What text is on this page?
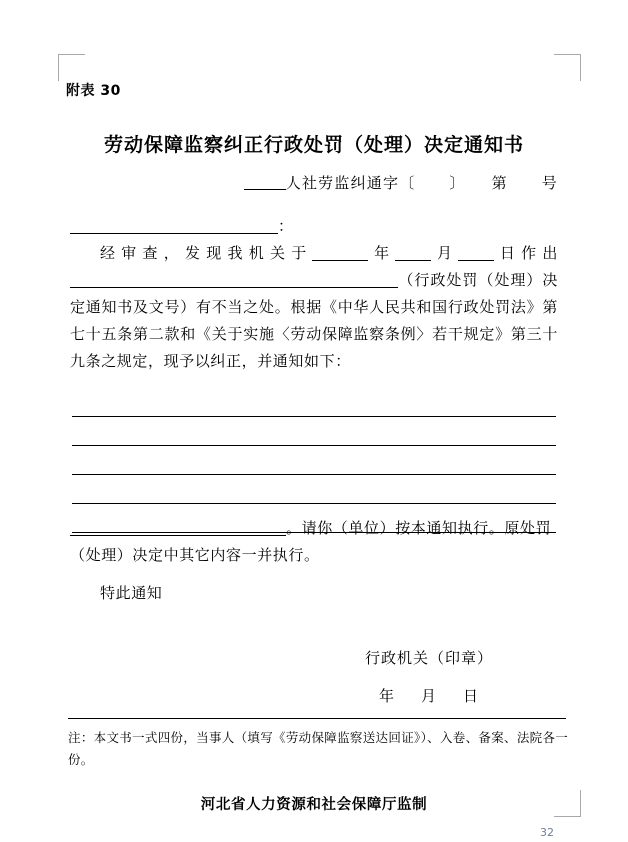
附表 30
劳动保障监察纠正行政处罚（处理）决定通知书
人社劳监纠通字〔 〕 第 号
：

经审查，发现我机关于	年 月 日作出（行政处罚（处理）决定通知书及文号）有不当之处。根据《中华人民共和国行政处罚法》第七十五条第二款和《关于实施〈劳动保障监察条例〉若干规定》第三十九条之规定，现予以纠正，并通知如下：

。请你（单位）按本通知执行。原处罚（处理）决定中其它内容一并执行。

特此通知

行政机关（印章）
年 月 日
注：本文书一式四份，当事人（填写《劳动保障监察送达回证》）、入卷、备案、法院各一份。
河北省人力资源和社会保障厅监制
32
